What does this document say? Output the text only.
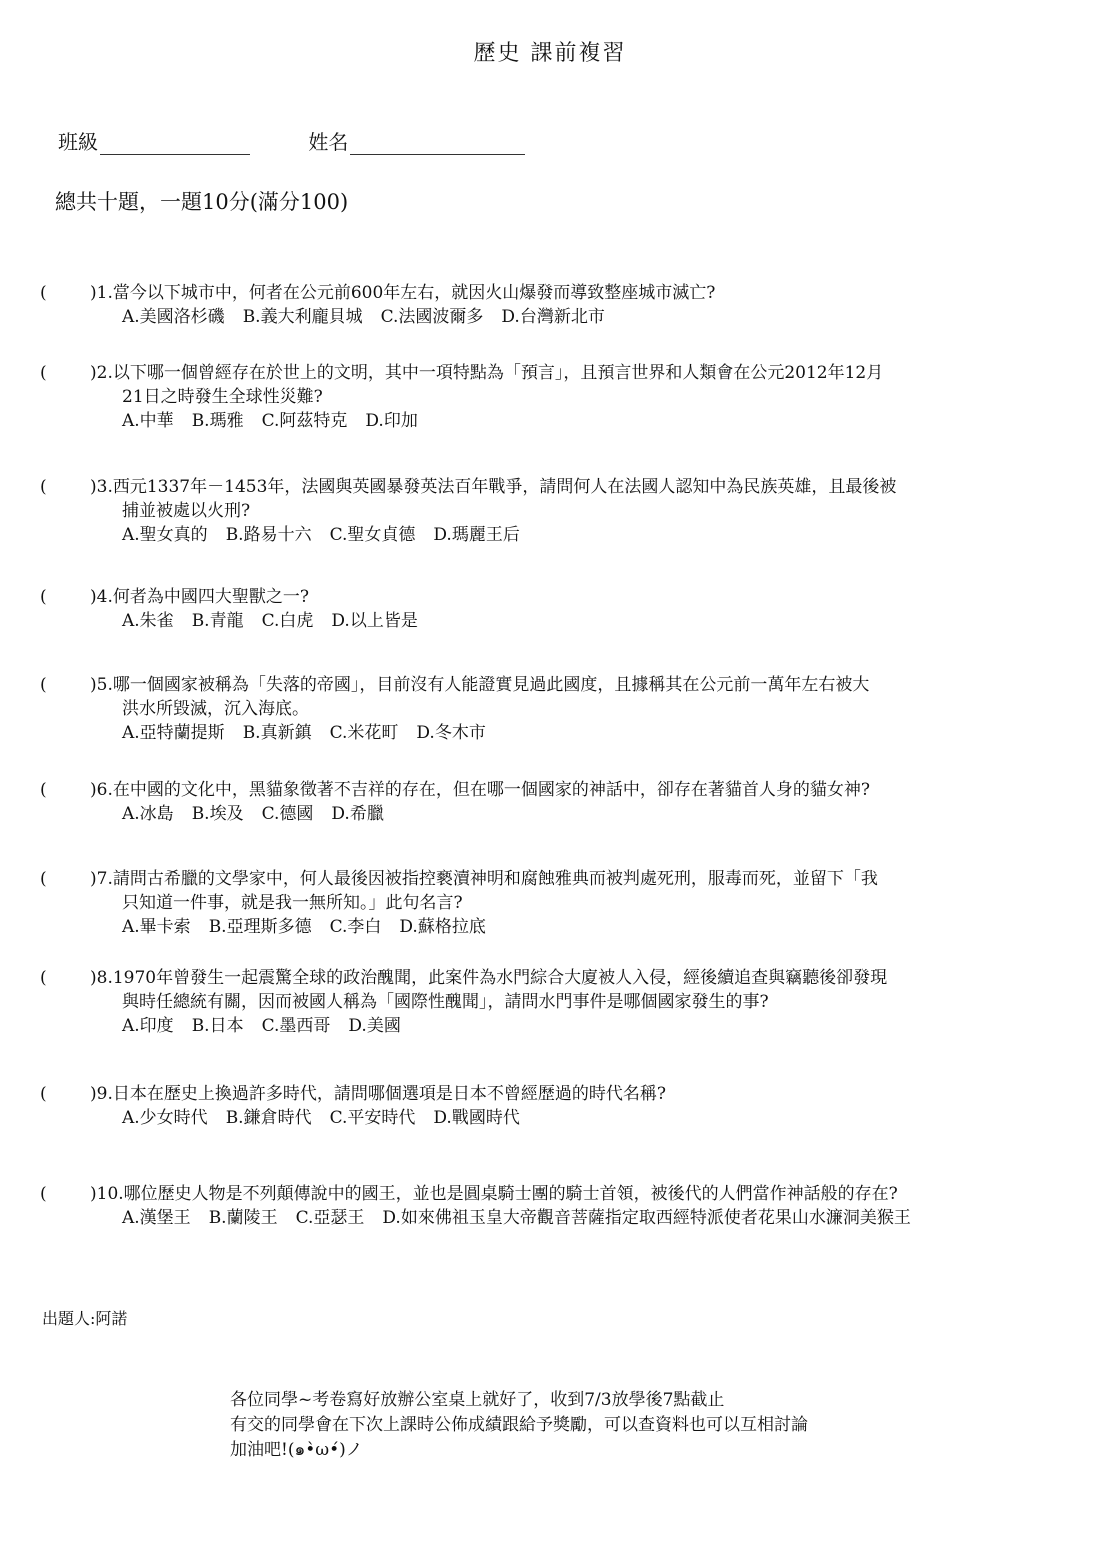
歷史 課前複習
班級	姓名
總共十題，一題10分(滿分100)
(	)1. 當今以下城市中，何者在公元前600年左右，就因火山爆發而導致整座城市滅亡?
A.美國洛杉磯 B.義大利龐貝城 C.法國波爾多 D.台灣新北市
(	)2. 以下哪一個曾經存在於世上的文明，其中一項特點為「預言」，且預言世界和人類會在公元2012年12月
21日之時發生全球性災難?
A.中華 B.瑪雅 C.阿茲特克 D.印加
(	)3. 西元1337年－1453年，法國與英國暴發英法百年戰爭，請問何人在法國人認知中為民族英雄，且最後被
捕並被處以火刑?
A.聖女真的 B.路易十六 C.聖女貞德 D.瑪麗王后
(	)4. 何者為中國四大聖獸之一?
A.朱雀 B.青龍 C.白虎 D.以上皆是
(	)5. 哪一個國家被稱為「失落的帝國」，目前沒有人能證實見過此國度，且據稱其在公元前一萬年左右被大
洪水所毀滅，沉入海底。
A.亞特蘭提斯 B.真新鎮 C.米花町 D.冬木市
(	)6. 在中國的文化中，黑貓象徵著不吉祥的存在，但在哪一個國家的神話中，卻存在著貓首人身的貓女神?
A.冰島 B.埃及 C.德國 D.希臘
(	)7. 請問古希臘的文學家中，何人最後因被指控褻瀆神明和腐蝕雅典而被判處死刑，服毒而死，並留下「我
只知道一件事，就是我一無所知。」此句名言?
A.畢卡索 B.亞理斯多德 C.李白 D.蘇格拉底
(	)8. 1970年曾發生一起震驚全球的政治醜聞，此案件為水門綜合大廈被人入侵，經後續追查與竊聽後卻發現
與時任總統有關，因而被國人稱為「國際性醜聞」，請問水門事件是哪個國家發生的事?
A.印度 B.日本 C.墨西哥 D.美國
(	)9. 日本在歷史上換過許多時代，請問哪個選項是日本不曾經歷過的時代名稱?
A.少女時代 B.鎌倉時代 C.平安時代 D.戰國時代
(	)10. 哪位歷史人物是不列顛傳說中的國王，並也是圓桌騎士團的騎士首領，被後代的人們當作神話般的存在?
A.漢堡王 B.蘭陵王 C.亞瑟王 D.如來佛祖玉皇大帝觀音菩薩指定取西經特派使者花果山水濂洞美猴王
出題人:阿諾
各位同學~考卷寫好放辦公室桌上就好了，收到7/3放學後7點截止
有交的同學會在下次上課時公佈成績跟給予獎勵，可以查資料也可以互相討論
加油吧!(๑•̀ω•́)ノ
